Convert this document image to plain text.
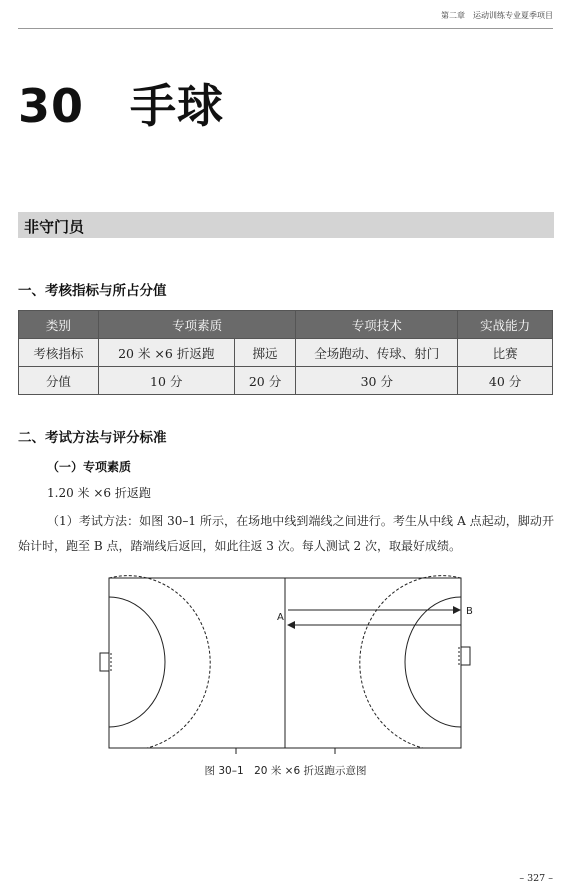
第二章　运动训练专业夏季项目
30 手球
非守门员
一、考核指标与所占分值
类别	专项素质		专项技术	实战能力
考核指标	20 米 ×6 折返跑	掷远	全场跑动、传球、射门	比赛
分值	10 分	20 分	30 分	40 分
二、考试方法与评分标准
（一）专项素质
1.20 米 ×6 折返跑
（1）考试方法：如图 30–1 所示，在场地中线到端线之间进行。考生从中线 A 点起动，脚动开始计时，跑至 B 点，踏端线后返回，如此往返 3 次。每人测试 2 次，取最好成绩。
A
B
图 30–1　20 米 ×6 折返跑示意图
– 327 –
